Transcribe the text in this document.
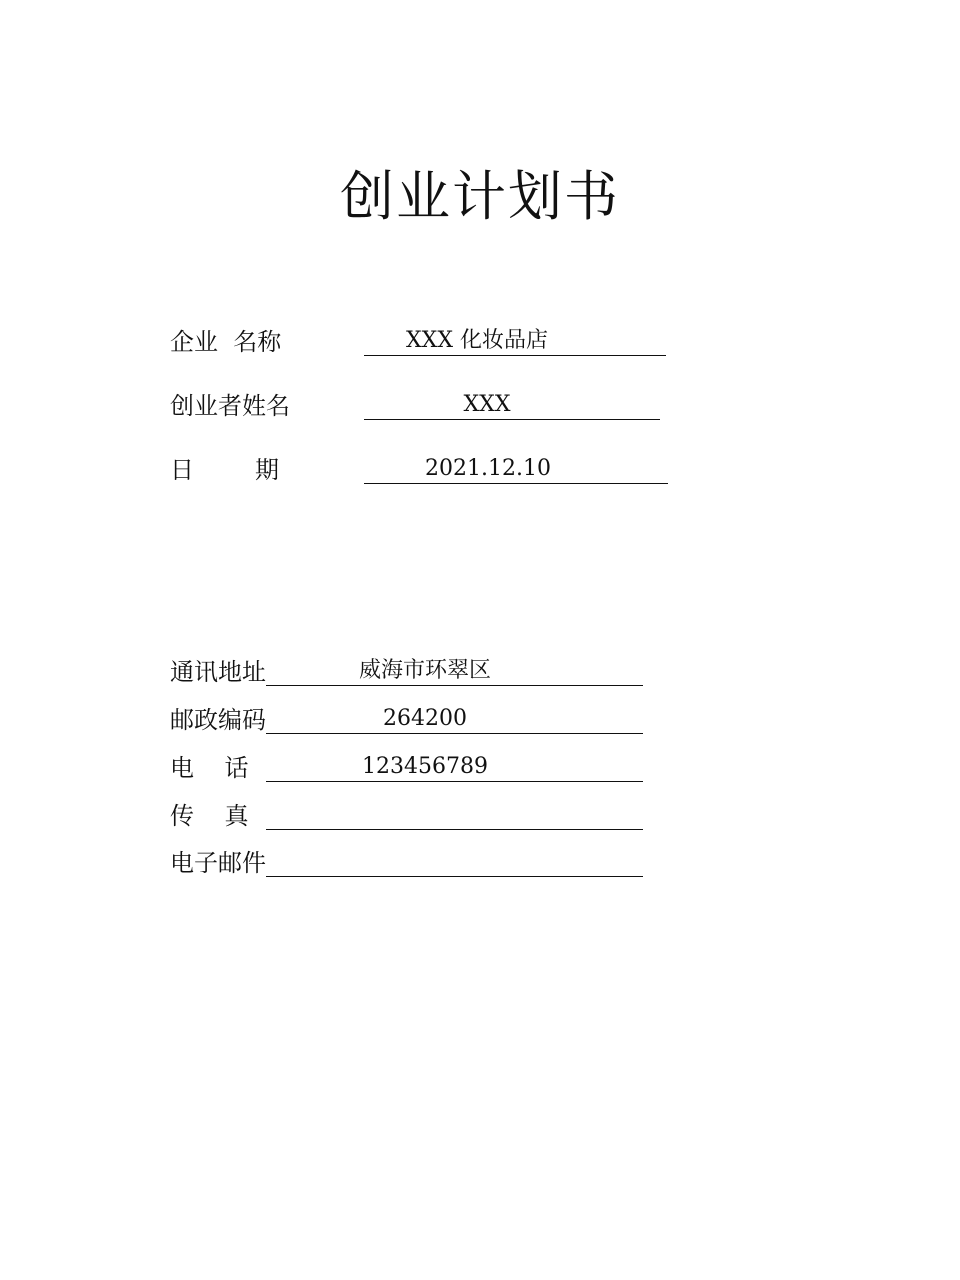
创业计划书
企业  名称	XXX 化妆品店
创业者姓名	XXX
日        期	2021.12.10
通讯地址	威海市环翠区
邮政编码	264200
电    话	123456789
传    真
电子邮件
